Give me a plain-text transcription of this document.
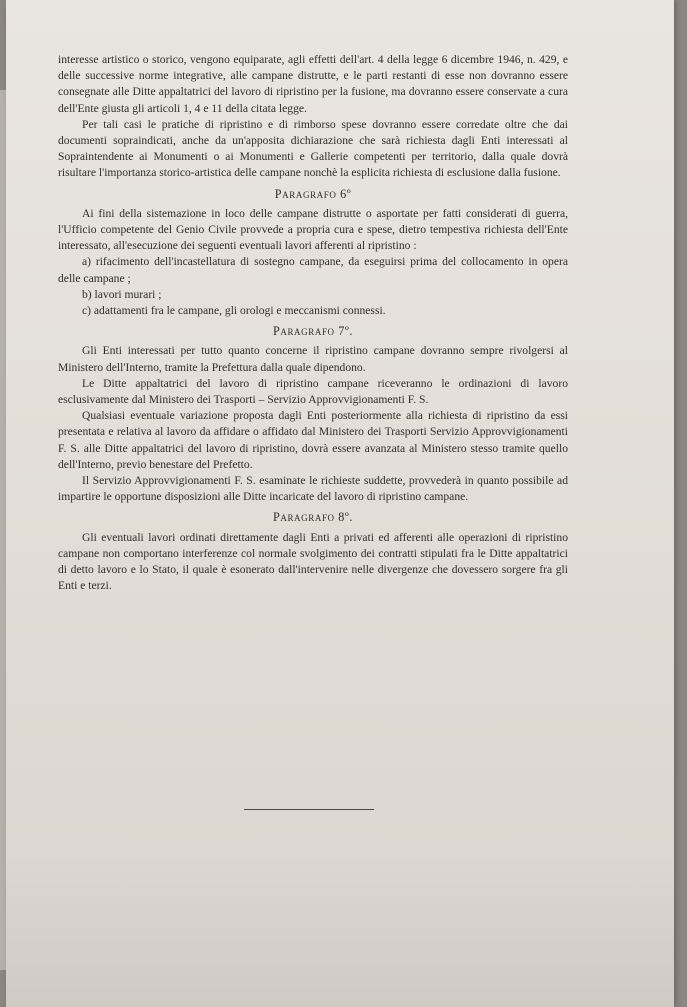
interesse artistico o storico, vengono equiparate, agli effetti dell'art. 4 della legge 6 dicembre 1946, n. 429, e delle successive norme integrative, alle campane distrutte, e le parti restanti di esse non dovranno essere consegnate alle Ditte appaltatrici del lavoro di ripristino per la fusione, ma dovranno essere conservate a cura dell'Ente giusta gli articoli 1, 4 e 11 della citata legge.

Per tali casi le pratiche di ripristino e di rimborso spese dovranno essere corredate oltre che dai documenti sopraindicati, anche da un'apposita dichiarazione che sarà richiesta dagli Enti interessati al Sopraintendente ai Monumenti o ai Monumenti e Gallerie competenti per territorio, dalla quale dovrà risultare l'importanza storico-artistica delle campane nonchè la esplicita richiesta di esclusione dalla fusione.

Paragrafo 6º

Ai fini della sistemazione in loco delle campane distrutte o asportate per fatti considerati di guerra, l'Ufficio competente del Genio Civile provvede a propria cura e spese, dietro tempestiva richiesta dell'Ente interessato, all'esecuzione dei seguenti eventuali lavori afferenti al ripristino :

a) rifacimento dell'incastellatura di sostegno campane, da eseguirsi prima del collocamento in opera delle campane ;

b) lavori murari ;

c) adattamenti fra le campane, gli orologi e meccanismi connessi.

Paragrafo 7º.

Gli Enti interessati per tutto quanto concerne il ripristino campane dovranno sempre rivolgersi al Ministero dell'Interno, tramite la Prefettura dalla quale dipendono.

Le Ditte appaltatrici del lavoro di ripristino campane riceveranno le ordinazioni di lavoro esclusivamente dal Ministero dei Trasporti – Servizio Approvvigionamenti F. S.

Qualsiasi eventuale variazione proposta dagli Enti posteriormente alla richiesta di ripristino da essi presentata e relativa al lavoro da affidare o affidato dal Ministero dei Trasporti Servizio Approvvigionamenti F. S. alle Ditte appaltatrici del lavoro di ripristino, dovrà essere avanzata al Ministero stesso tramite quello dell'Interno, previo benestare del Prefetto.

Il Servizio Approvvigionamenti F. S. esaminate le richieste suddette, provvederà in quanto possibile ad impartire le opportune disposizioni alle Ditte incaricate del lavoro di ripristino campane.

Paragrafo 8º.

Gli eventuali lavori ordinati direttamente dagli Enti a privati ed afferenti alle operazioni di ripristino campane non comportano interferenze col normale svolgimento dei contratti stipulati fra le Ditte appaltatrici di detto lavoro e lo Stato, il quale è esonerato dall'intervenire nelle divergenze che dovessero sorgere fra gli Enti e terzi.
